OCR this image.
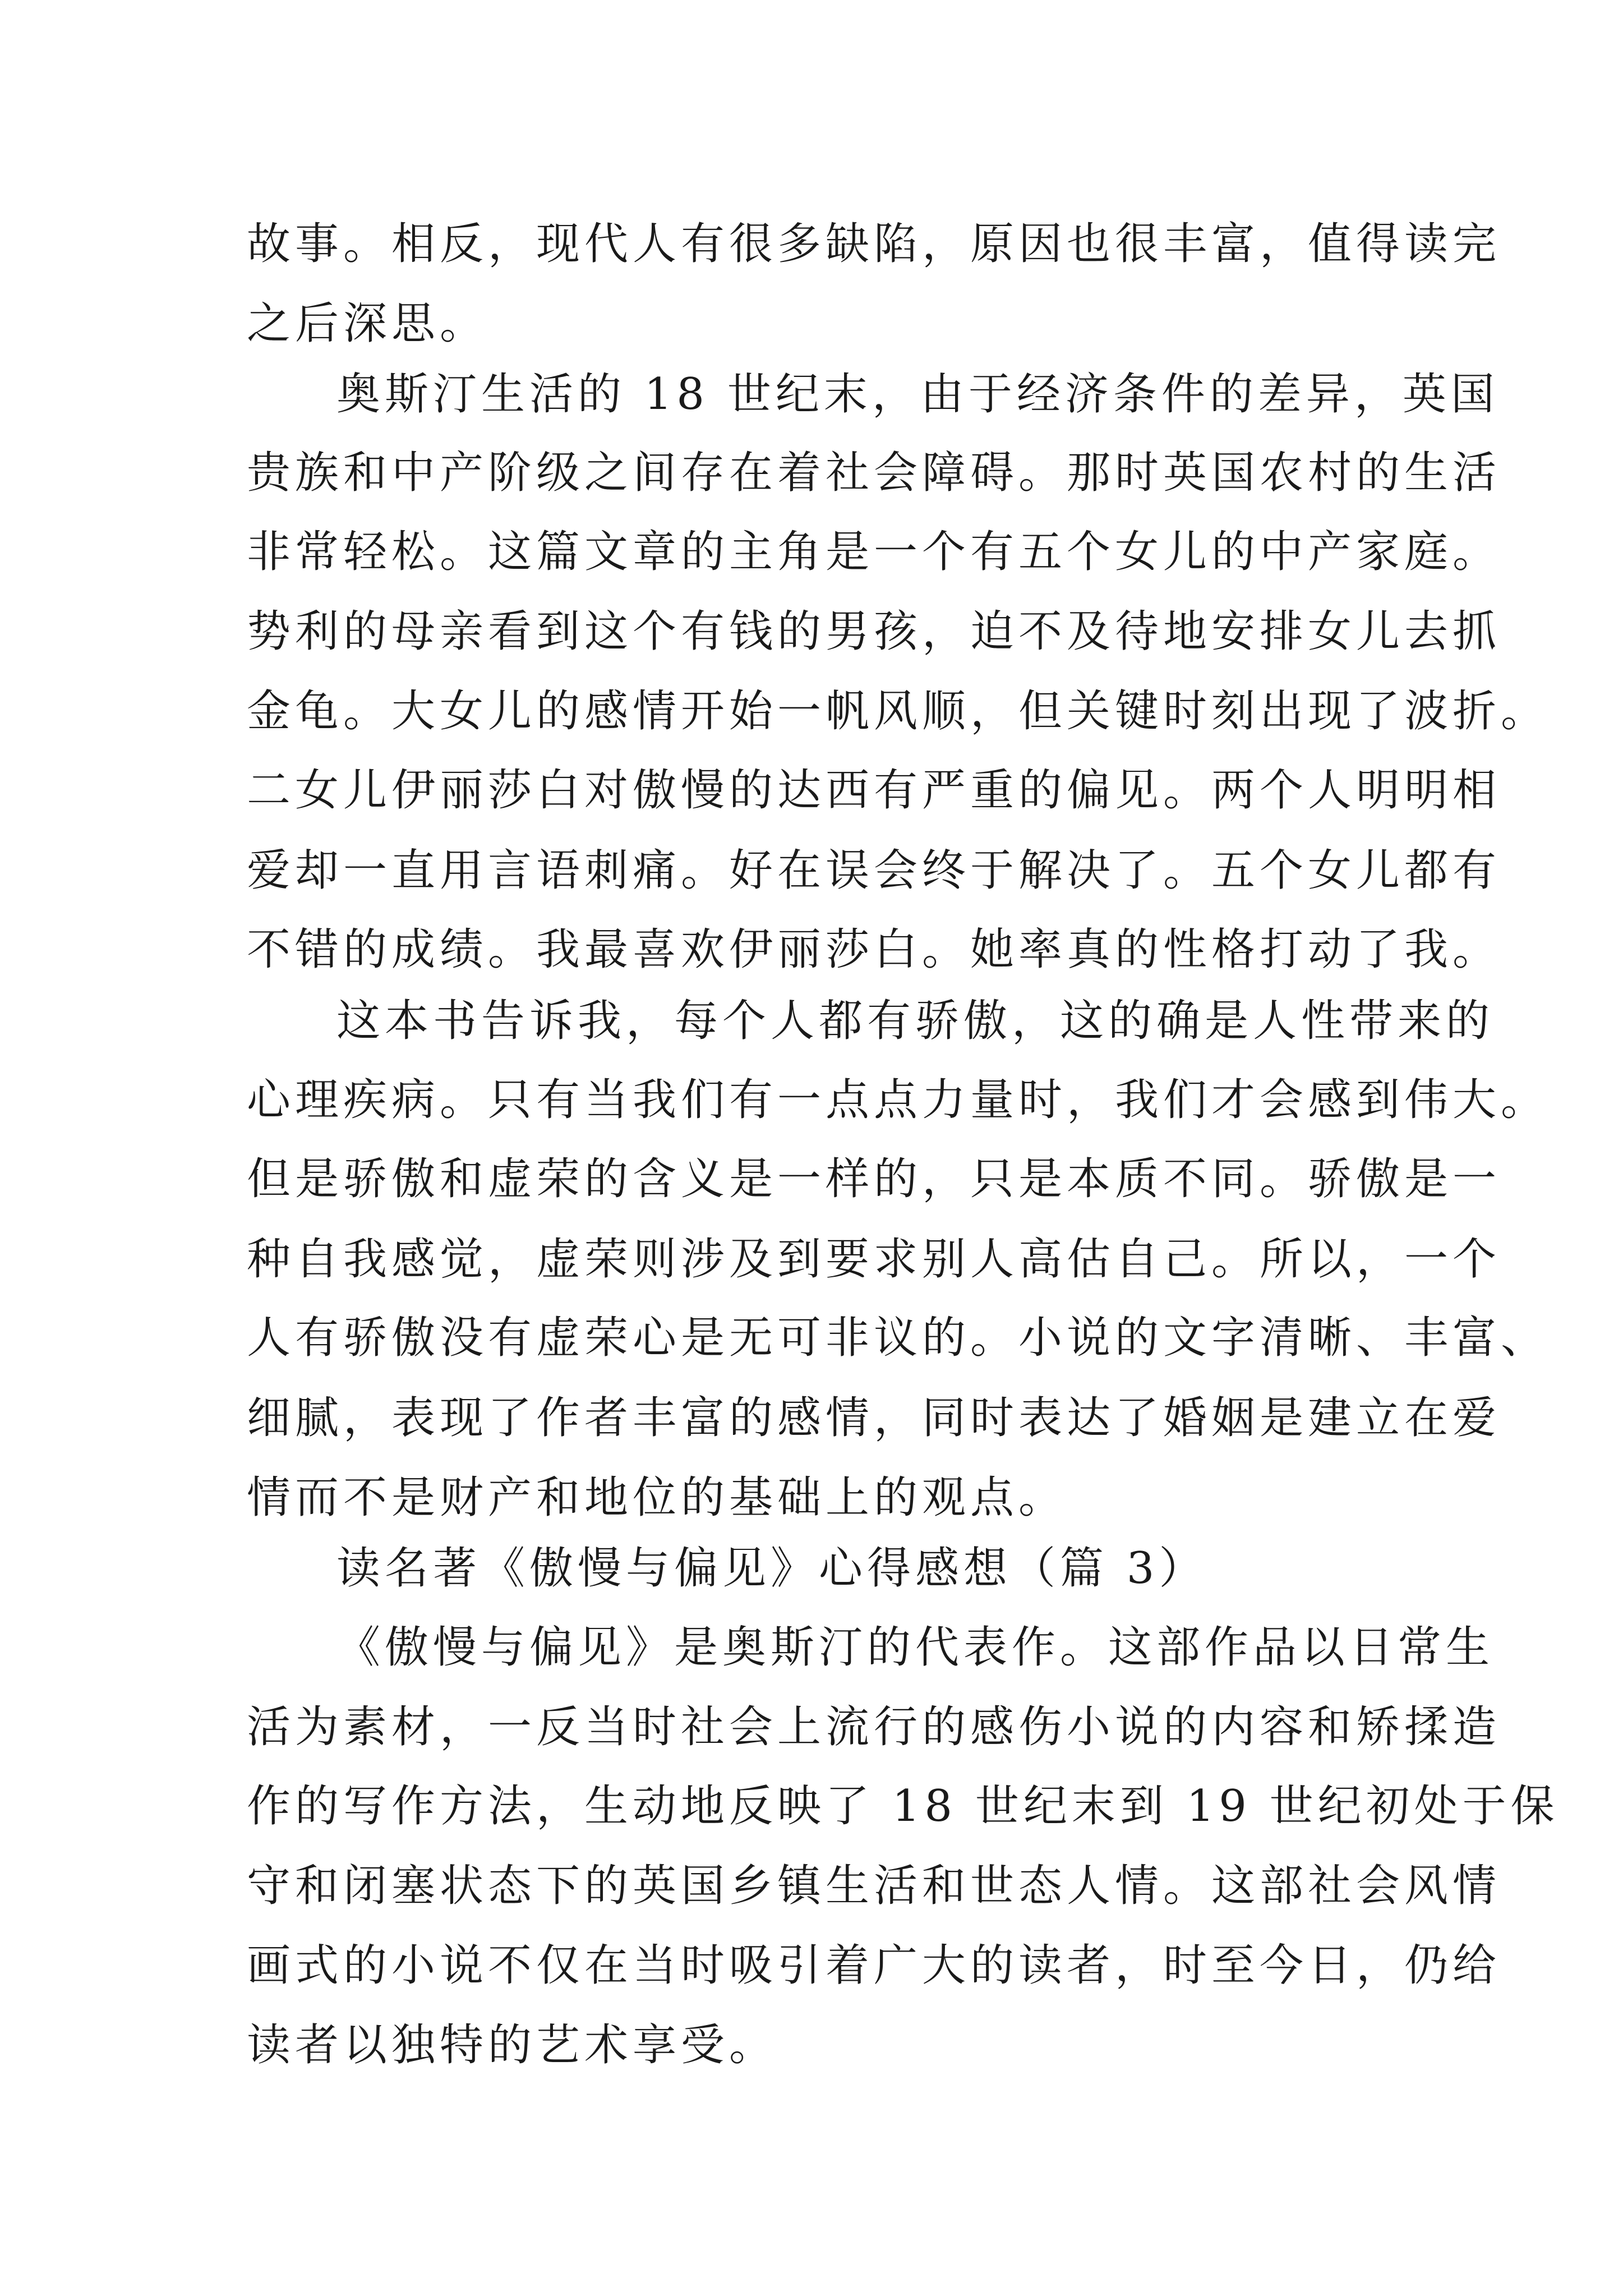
故事。相反，现代人有很多缺陷，原因也很丰富，值得读完
之后深思。
奥斯汀生活的 18 世纪末，由于经济条件的差异，英国
贵族和中产阶级之间存在着社会障碍。那时英国农村的生活
非常轻松。这篇文章的主角是一个有五个女儿的中产家庭。
势利的母亲看到这个有钱的男孩，迫不及待地安排女儿去抓
金龟。大女儿的感情开始一帆风顺，但关键时刻出现了波折。
二女儿伊丽莎白对傲慢的达西有严重的偏见。两个人明明相
爱却一直用言语刺痛。好在误会终于解决了。五个女儿都有
不错的成绩。我最喜欢伊丽莎白。她率真的性格打动了我。
这本书告诉我，每个人都有骄傲，这的确是人性带来的
心理疾病。只有当我们有一点点力量时，我们才会感到伟大。
但是骄傲和虚荣的含义是一样的，只是本质不同。骄傲是一
种自我感觉，虚荣则涉及到要求别人高估自己。所以，一个
人有骄傲没有虚荣心是无可非议的。小说的文字清晰、丰富、
细腻，表现了作者丰富的感情，同时表达了婚姻是建立在爱
情而不是财产和地位的基础上的观点。
读名著《傲慢与偏见》心得感想（篇 3）
《傲慢与偏见》是奥斯汀的代表作。这部作品以日常生
活为素材，一反当时社会上流行的感伤小说的内容和矫揉造
作的写作方法，生动地反映了 18 世纪末到 19 世纪初处于保
守和闭塞状态下的英国乡镇生活和世态人情。这部社会风情
画式的小说不仅在当时吸引着广大的读者，时至今日，仍给
读者以独特的艺术享受。
